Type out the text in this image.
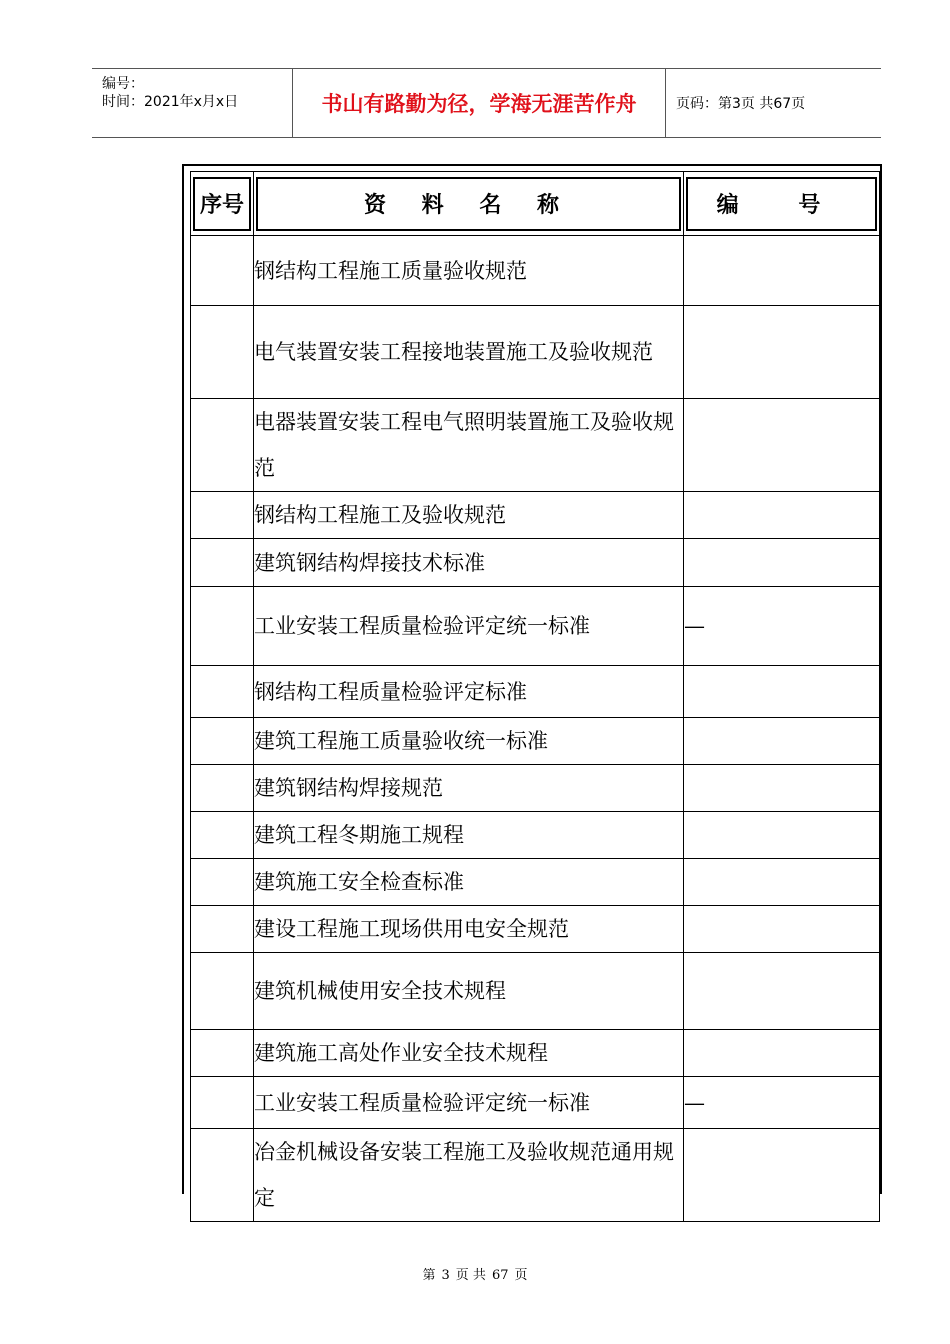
编号：
时间：2021年x月x日	书山有路勤为径，学海无涯苦作舟	页码：第3页 共67页
序号	资 料 名 称	编 号

	钢结构工程施工质量验收规范	
	电气装置安装工程接地装置施工及验收规范	
	电器装置安装工程电气照明装置施工及验收规范	
	钢结构工程施工及验收规范	
	建筑钢结构焊接技术标准	
	工业安装工程质量检验评定统一标准	—
	钢结构工程质量检验评定标准	
	建筑工程施工质量验收统一标准	
	建筑钢结构焊接规范	
	建筑工程冬期施工规程	
	建筑施工安全检查标准	
	建设工程施工现场供用电安全规范	
	建筑机械使用安全技术规程	
	建筑施工高处作业安全技术规程	
	工业安装工程质量检验评定统一标准	—
	冶金机械设备安装工程施工及验收规范通用规定	
第 3 页 共 67 页
